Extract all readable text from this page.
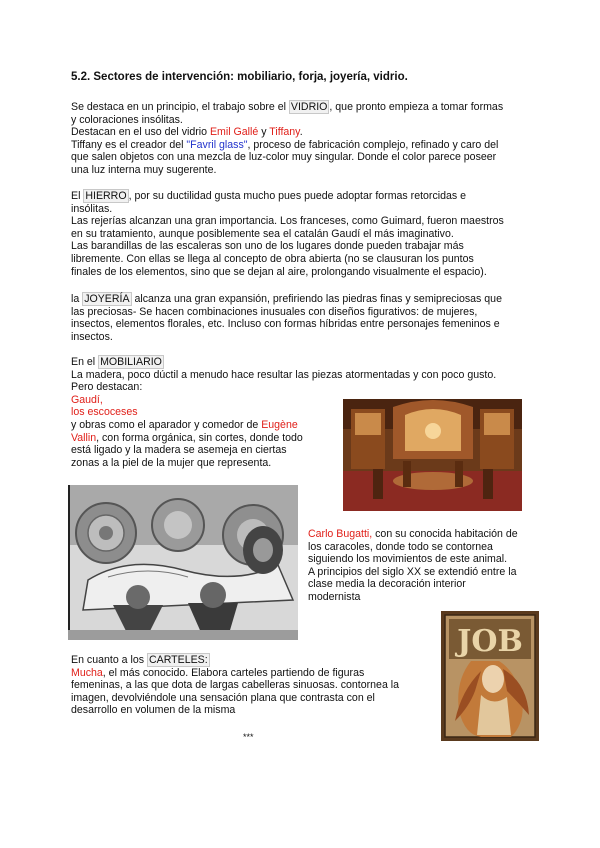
5.2. Sectores de intervención: mobiliario, forja, joyería, vidrio.
Se destaca en un principio, el trabajo sobre el VIDRIO , que pronto empieza a tomar formas
y coloraciones insólitas.
Destacan en el uso del vidrio Emil Gallé y Tiffany.
Tiffany es el creador del "Favril glass", proceso de fabricación complejo, refinado y caro del
que salen objetos con una mezcla de luz-color muy singular. Donde el color parece poseer
una luz interna muy sugerente.
El HIERRO , por su ductilidad gusta mucho pues puede adoptar formas retorcidas e
insólitas.
Las rejerías alcanzan una gran importancia. Los franceses, como Guimard, fueron maestros
en su tratamiento, aunque posiblemente sea el catalán Gaudí el más imaginativo.
Las barandillas de las escaleras son uno de los lugares donde pueden trabajar más
libremente. Con ellas se llega al concepto de obra abierta (no se clausuran los puntos
finales de los elementos, sino que se dejan al aire, prolongando visualmente el espacio).
la JOYERÍA alcanza una gran expansión, prefiriendo las piedras finas y semipreciosas que
las preciosas- Se hacen combinaciones inusuales con diseños figurativos: de mujeres,
insectos, elementos florales, etc. Incluso con formas híbridas entre personajes femeninos e
insectos.
En el MOBILIARIO
La madera, poco dúctil a menudo hace resultar las piezas atormentadas y con poco gusto.
Pero destacan:
Gaudí,
los escoceses
y obras como el aparador y comedor de Eugène
Vallin, con forma orgánica, sin cortes, donde todo
está ligado y la madera se asemeja en ciertas
zonas a la piel de la mujer que representa.
Carlo Bugatti, con su conocida habitación de
los caracoles, donde todo se contornea
siguiendo los movimientos de este animal.
A principios del siglo XX se extendió entre la
clase media la decoración interior
modernista
JOB
En cuanto a los CARTELES:
Mucha, el más conocido. Elabora carteles partiendo de figuras
femeninas, a las que dota de largas cabelleras sinuosas. contornea la
imagen, devolviéndole una sensación plana que contrasta con el
desarrollo en volumen de la misma
***
